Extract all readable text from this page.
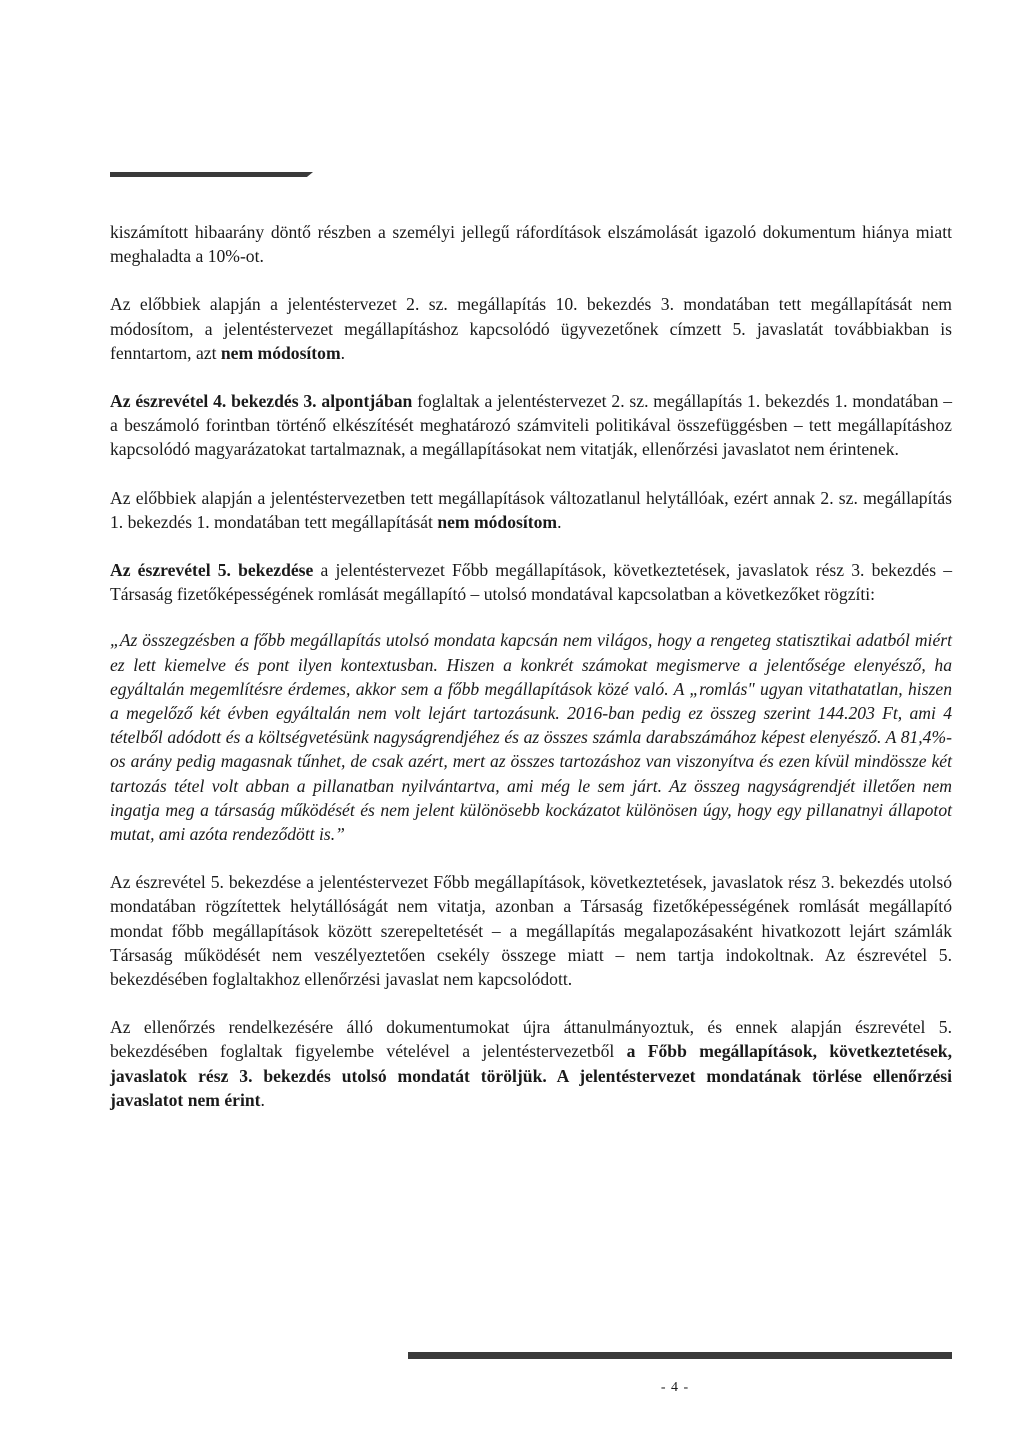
kiszámított hibaarány döntő részben a személyi jellegű ráfordítások elszámolását igazoló dokumentum hiánya miatt meghaladta a 10%-ot.

Az előbbiek alapján a jelentéstervezet 2. sz. megállapítás 10. bekezdés 3. mondatában tett megállapítását nem módosítom, a jelentéstervezet megállapításhoz kapcsolódó ügyvezetőnek címzett 5. javaslatát továbbiakban is fenntartom, azt nem módosítom.

Az észrevétel 4. bekezdés 3. alpontjában foglaltak a jelentéstervezet 2. sz. megállapítás 1. bekezdés 1. mondatában – a beszámoló forintban történő elkészítését meghatározó számviteli politikával összefüggésben – tett megállapításhoz kapcsolódó magyarázatokat tartalmaznak, a megállapításokat nem vitatják, ellenőrzési javaslatot nem érintenek.

Az előbbiek alapján a jelentéstervezetben tett megállapítások változatlanul helytállóak, ezért annak 2. sz. megállapítás 1. bekezdés 1. mondatában tett megállapítását nem módosítom.

Az észrevétel 5. bekezdése a jelentéstervezet Főbb megállapítások, következtetések, javaslatok rész 3. bekezdés – Társaság fizetőképességének romlását megállapító – utolsó mondatával kapcsolatban a következőket rögzíti:

„Az összegzésben a főbb megállapítás utolsó mondata kapcsán nem világos, hogy a rengeteg statisztikai adatból miért ez lett kiemelve és pont ilyen kontextusban. Hiszen a konkrét számokat megismerve a jelentősége elenyésző, ha egyáltalán megemlítésre érdemes, akkor sem a főbb megállapítások közé való. A „romlás" ugyan vitathatatlan, hiszen a megelőző két évben egyáltalán nem volt lejárt tartozásunk. 2016-ban pedig ez összeg szerint 144.203 Ft, ami 4 tételből adódott és a költségvetésünk nagyságrendjéhez és az összes számla darabszámához képest elenyésző. A 81,4%-os arány pedig magasnak tűnhet, de csak azért, mert az összes tartozáshoz van viszonyítva és ezen kívül mindössze két tartozás tétel volt abban a pillanatban nyilvántartva, ami még le sem járt. Az összeg nagyságrendjét illetően nem ingatja meg a társaság működését és nem jelent különösebb kockázatot különösen úgy, hogy egy pillanatnyi állapotot mutat, ami azóta rendeződött is.”

Az észrevétel 5. bekezdése a jelentéstervezet Főbb megállapítások, következtetések, javaslatok rész 3. bekezdés utolsó mondatában rögzítettek helytállóságát nem vitatja, azonban a Társaság fizetőképességének romlását megállapító mondat főbb megállapítások között szerepeltetését – a megállapítás megalapozásaként hivatkozott lejárt számlák Társaság működését nem veszélyeztetően csekély összege miatt – nem tartja indokoltnak. Az észrevétel 5. bekezdésében foglaltakhoz ellenőrzési javaslat nem kapcsolódott.

Az ellenőrzés rendelkezésére álló dokumentumokat újra áttanulmányoztuk, és ennek alapján észrevétel 5. bekezdésében foglaltak figyelembe vételével a jelentéstervezetből a Főbb megállapítások, következtetések, javaslatok rész 3. bekezdés utolsó mondatát töröljük. A jelentéstervezet mondatának törlése ellenőrzési javaslatot nem érint.

- 4 -
